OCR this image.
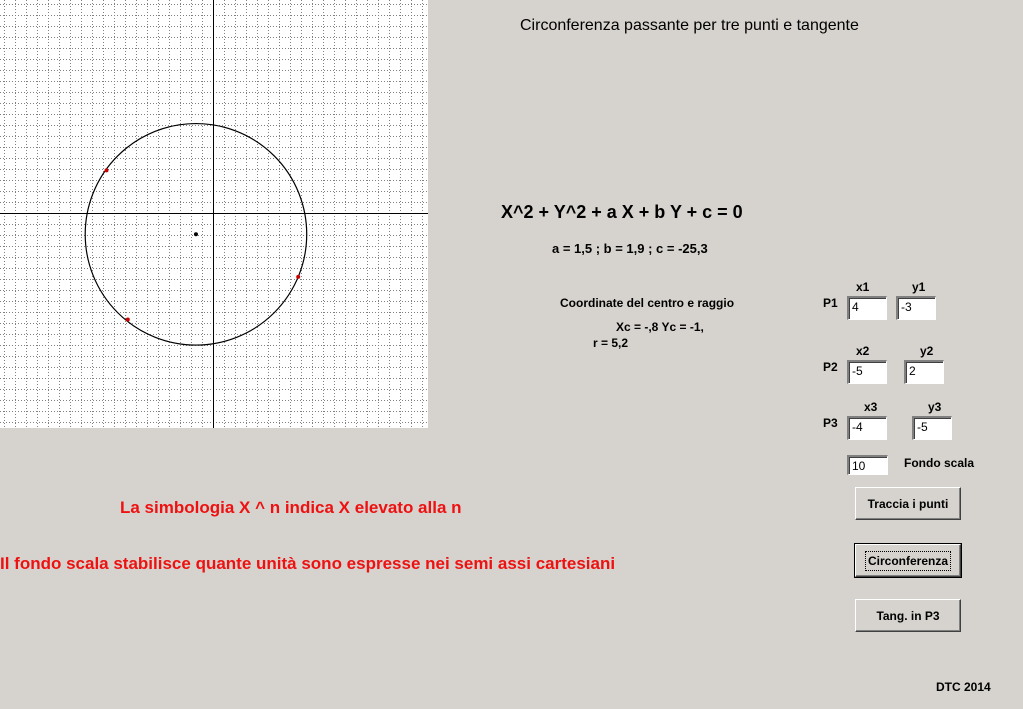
Circonferenza passante per tre punti e tangente
X^2 + Y^2 + a X + b Y + c = 0
a = 1,5 ; b = 1,9 ; c = -25,3
Coordinate del centro e raggio
Xc = -,8 Yc = -1,
r = 5,2
x1	y1
P1	4	-3
x2	y2
P2	-5	2
x3	y3
P3	-4	-5
10	Fondo scala
Traccia i punti
Circonferenza
Tang. in P3
La simbologia X ^ n indica X elevato alla n
Il fondo scala stabilisce quante unità sono espresse nei semi assi cartesiani
DTC 2014
